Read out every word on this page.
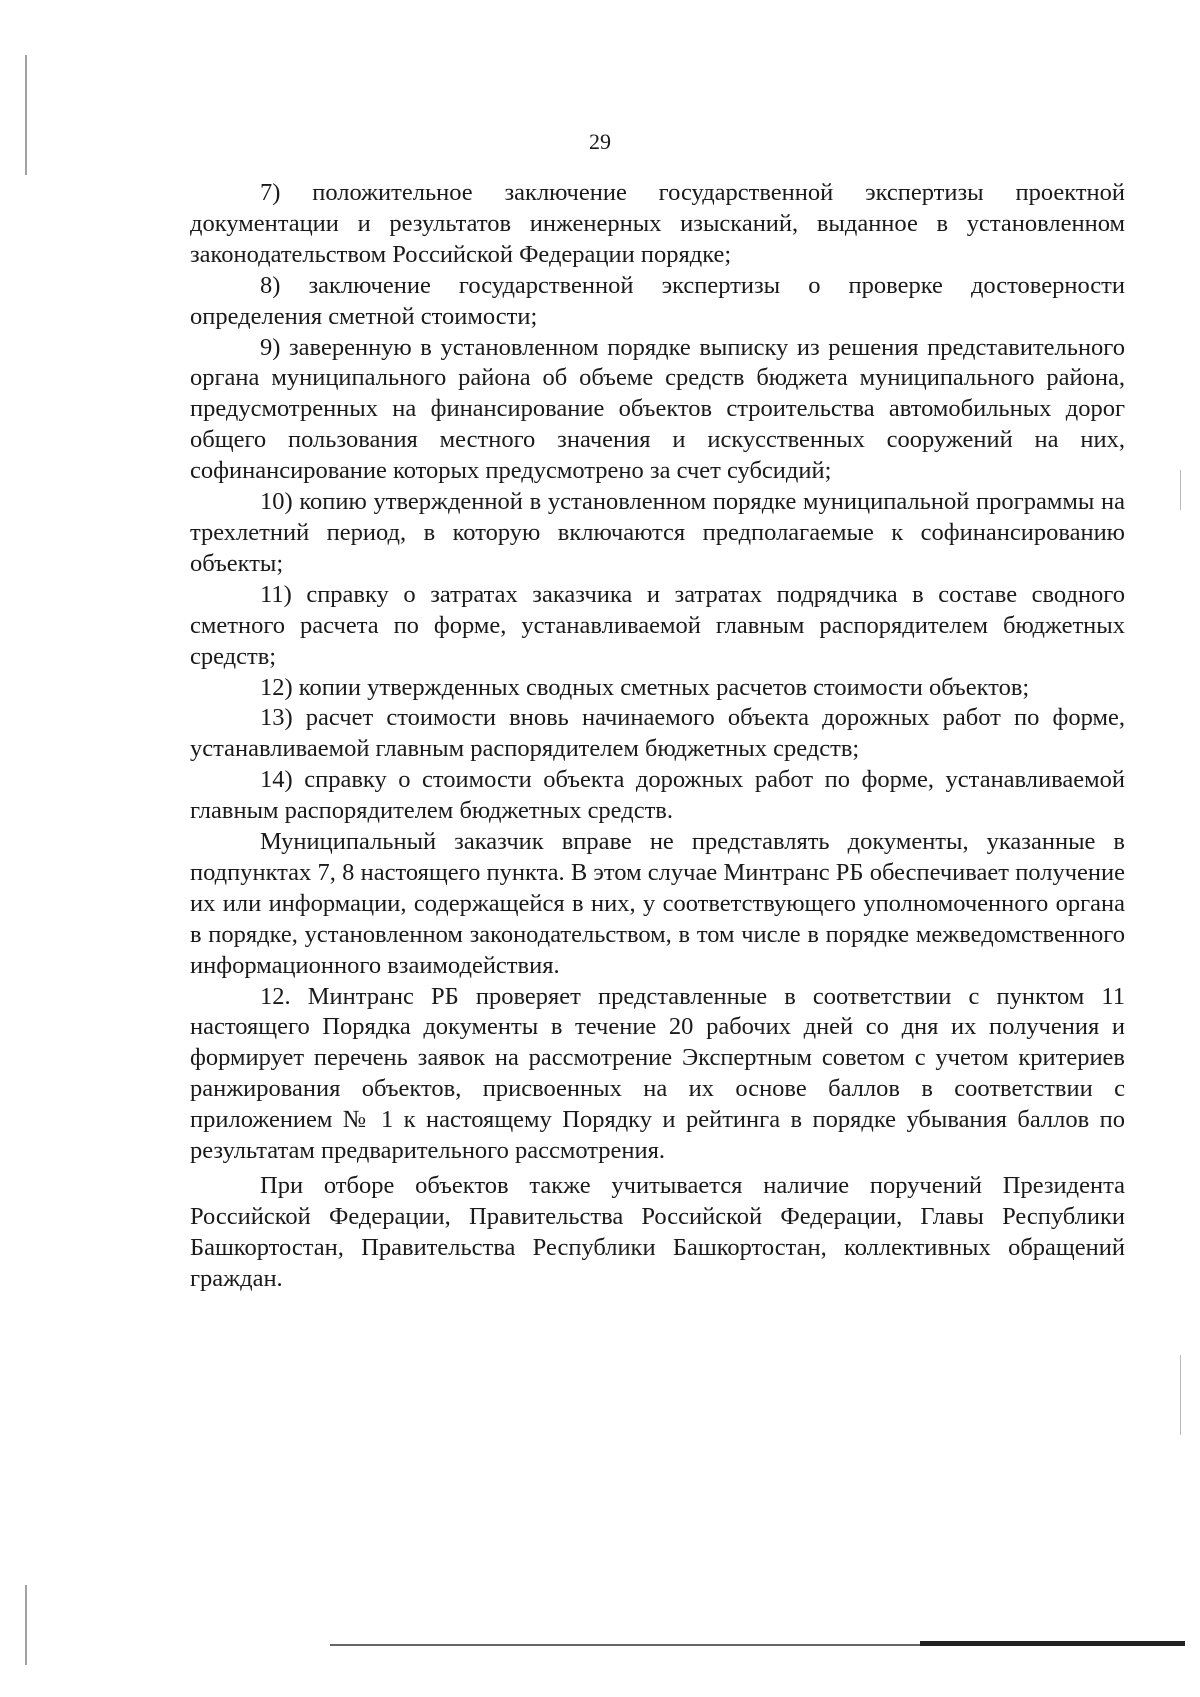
29

7) положительное заключение государственной экспертизы проектной документации и результатов инженерных изысканий, выданное в установленном законодательством Российской Федерации порядке;

8) заключение государственной экспертизы о проверке достоверности определения сметной стоимости;

9) заверенную в установленном порядке выписку из решения представительного органа муниципального района об объеме средств бюджета муниципального района, предусмотренных на финансирование объектов строительства автомобильных дорог общего пользования местного значения и искусственных сооружений на них, софинансирование которых предусмотрено за счет субсидий;

10) копию утвержденной в установленном порядке муниципальной программы на трехлетний период, в которую включаются предполагаемые к софинансированию объекты;

11) справку о затратах заказчика и затратах подрядчика в составе сводного сметного расчета по форме, устанавливаемой главным распорядителем бюджетных средств;

12) копии утвержденных сводных сметных расчетов стоимости объектов;

13) расчет стоимости вновь начинаемого объекта дорожных работ по форме, устанавливаемой главным распорядителем бюджетных средств;

14) справку о стоимости объекта дорожных работ по форме, устанавливаемой главным распорядителем бюджетных средств.

Муниципальный заказчик вправе не представлять документы, указанные в подпунктах 7, 8 настоящего пункта. В этом случае Минтранс РБ обеспечивает получение их или информации, содержащейся в них, у соответствующего уполномоченного органа в порядке, установленном законодательством, в том числе в порядке межведомственного информационного взаимодействия.

12. Минтранс РБ проверяет представленные в соответствии с пунктом 11 настоящего Порядка документы в течение 20 рабочих дней со дня их получения и формирует перечень заявок на рассмотрение Экспертным советом с учетом критериев ранжирования объектов, присвоенных на их основе баллов в соответствии с приложением № 1 к настоящему Порядку и рейтинга в порядке убывания баллов по результатам предварительного рассмотрения.

При отборе объектов также учитывается наличие поручений Президента Российской Федерации, Правительства Российской Федерации, Главы Республики Башкортостан, Правительства Республики Башкортостан, коллективных обращений граждан.
